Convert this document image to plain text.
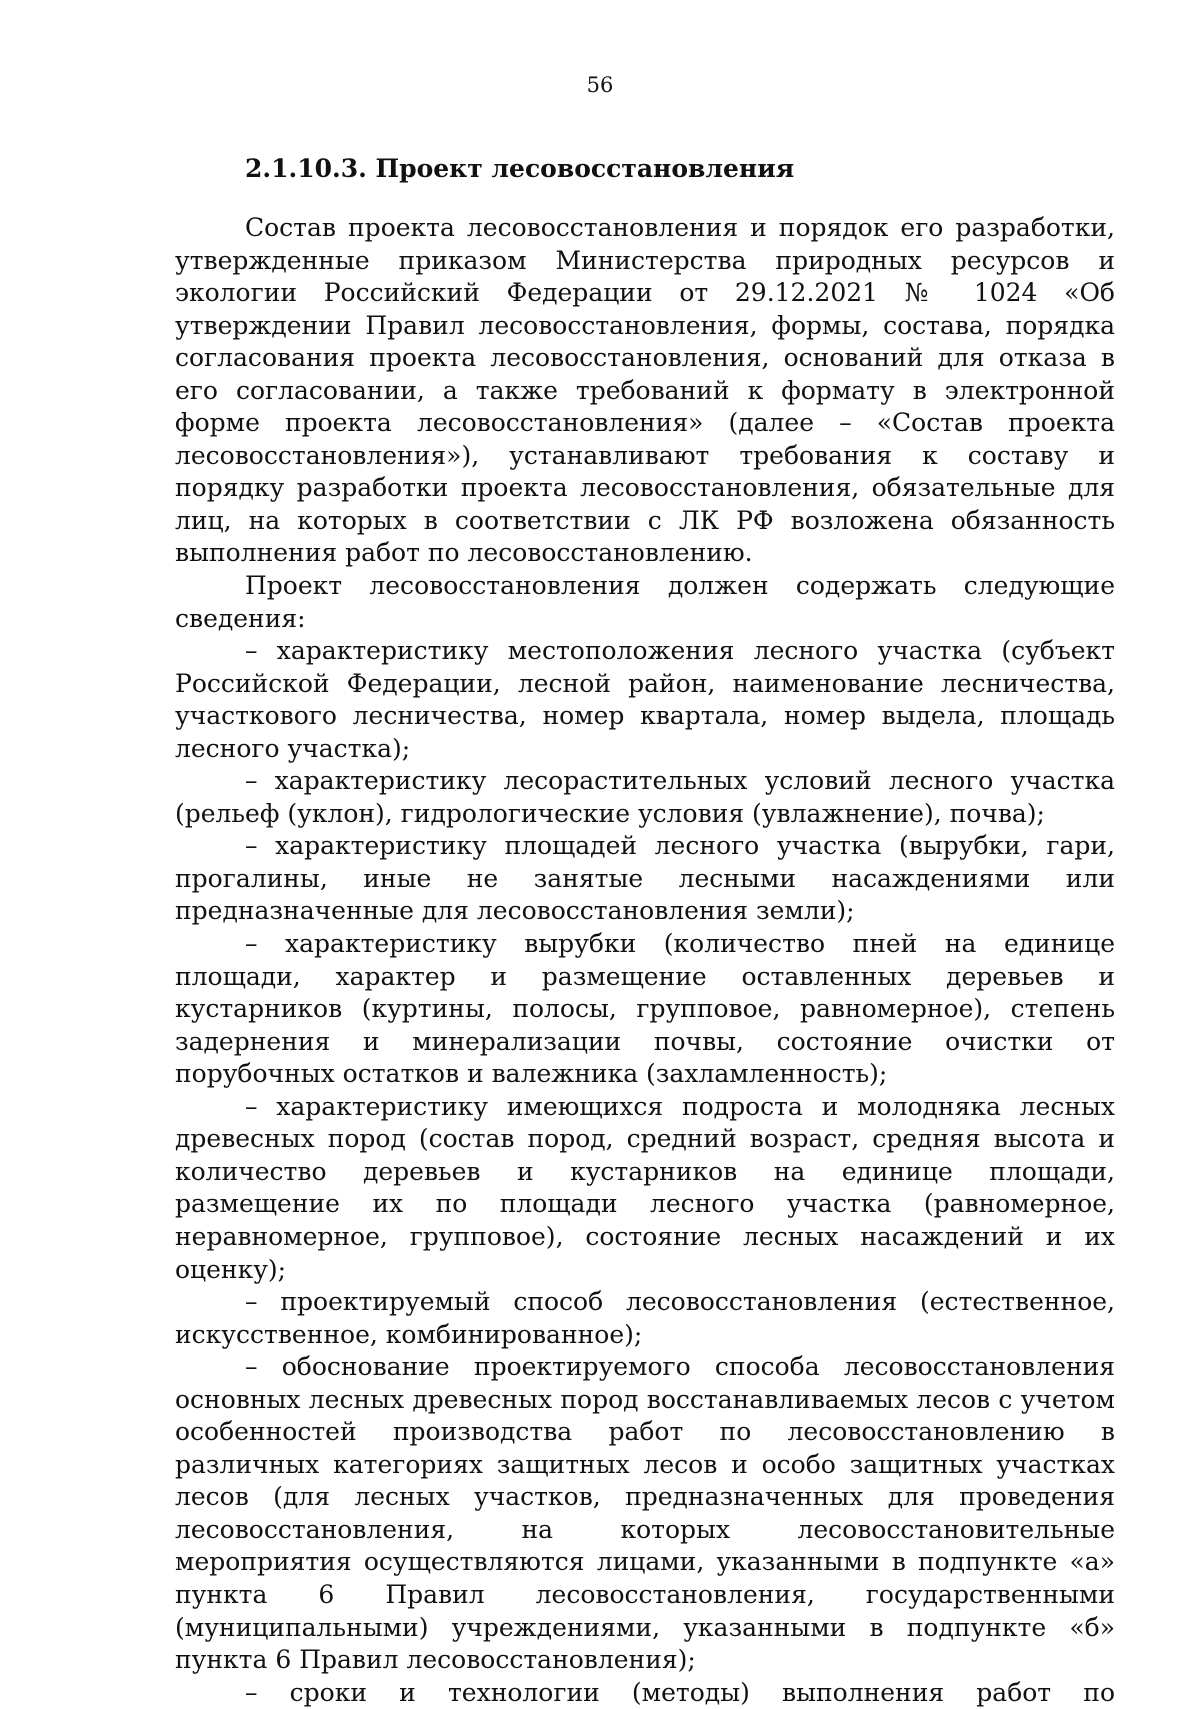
56
2.1.10.3. Проект лесовосстановления

Состав проекта лесовосстановления и порядок его разработки, утвержденные приказом Министерства природных ресурсов и экологии Российский Федерации от 29.12.2021 № 1024 «Об утверждении Правил лесовосстановления, формы, состава, порядка согласования проекта лесовосстановления, оснований для отказа в его согласовании, а также требований к формату в электронной форме проекта лесовосстановления» (далее – «Состав проекта лесовосстановления»), устанавливают требования к составу и порядку разработки проекта лесовосстановления, обязательные для лиц, на которых в соответствии с ЛК РФ возложена обязанность выполнения работ по лесовосстановлению.

Проект лесовосстановления должен содержать следующие сведения:

– характеристику местоположения лесного участка (субъект Российской Федерации, лесной район, наименование лесничества, участкового лесничества, номер квартала, номер выдела, площадь лесного участка);

– характеристику лесорастительных условий лесного участка (рельеф (уклон), гидрологические условия (увлажнение), почва);

– характеристику площадей лесного участка (вырубки, гари, прогалины, иные не занятые лесными насаждениями или предназначенные для лесовосстановления земли);

– характеристику вырубки (количество пней на единице площади, характер и размещение оставленных деревьев и кустарников (куртины, полосы, групповое, равномерное), степень задернения и минерализации почвы, состояние очистки от порубочных остатков и валежника (захламленность);

– характеристику имеющихся подроста и молодняка лесных древесных пород (состав пород, средний возраст, средняя высота и количество деревьев и кустарников на единице площади, размещение их по площади лесного участка (равномерное, неравномерное, групповое), состояние лесных насаждений и их оценку);

– проектируемый способ лесовосстановления (естественное, искусственное, комбинированное);

– обоснование проектируемого способа лесовосстановления основных лесных древесных пород восстанавливаемых лесов с учетом особенностей производства работ по лесовосстановлению в различных категориях защитных лесов и особо защитных участках лесов (для лесных участков, предназначенных для проведения лесовосстановления, на которых лесовосстановительные мероприятия осуществляются лицами, указанными в подпункте «а» пункта 6 Правил лесовосстановления, государственными (муниципальными) учреждениями, указанными в подпункте «б» пункта 6 Правил лесовосстановления);

– сроки и технологии (методы) выполнения работ по
